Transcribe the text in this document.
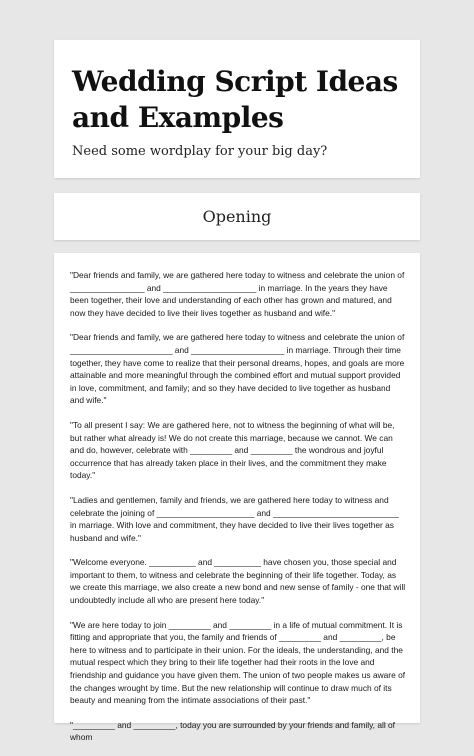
Wedding Script Ideas and Examples

Need some wordplay for your big day?

Opening

"Dear friends and family, we are gathered here today to witness and celebrate the union of ________________ and ____________________ in marriage. In the years they have been together, their love and understanding of each other has grown and matured, and now they have decided to live their lives together as husband and wife."

"Dear friends and family, we are gathered here today to witness and celebrate the union of ______________________ and ____________________ in marriage. Through their time together, they have come to realize that their personal dreams, hopes, and goals are more attainable and more meaningful through the combined effort and mutual support provided in love, commitment, and family; and so they have decided to live together as husband and wife."

"To all present I say: We are gathered here, not to witness the beginning of what will be, but rather what already is! We do not create this marriage, because we cannot. We can and do, however, celebrate with _________ and _________ the wondrous and joyful occurrence that has already taken place in their lives, and the commitment they make today."

"Ladies and gentlemen, family and friends, we are gathered here today to witness and celebrate the joining of _____________________ and ___________________________ in marriage. With love and commitment, they have decided to live their lives together as husband and wife."

"Welcome everyone. __________ and __________ have chosen you, those special and important to them, to witness and celebrate the beginning of their life together. Today, as we create this marriage, we also create a new bond and new sense of family - one that will undoubtedly include all who are present here today."

"We are here today to join _________ and _________ in a life of mutual commitment. It is fitting and appropriate that you, the family and friends of _________ and _________, be here to witness and to participate in their union. For the ideals, the understanding, and the mutual respect which they bring to their life together had their roots in the love and friendship and guidance you have given them. The union of two people makes us aware of the changes wrought by time. But the new relationship will continue to draw much of its beauty and meaning from the intimate associations of their past."

"_________ and _________, today you are surrounded by your friends and family, all of whom
